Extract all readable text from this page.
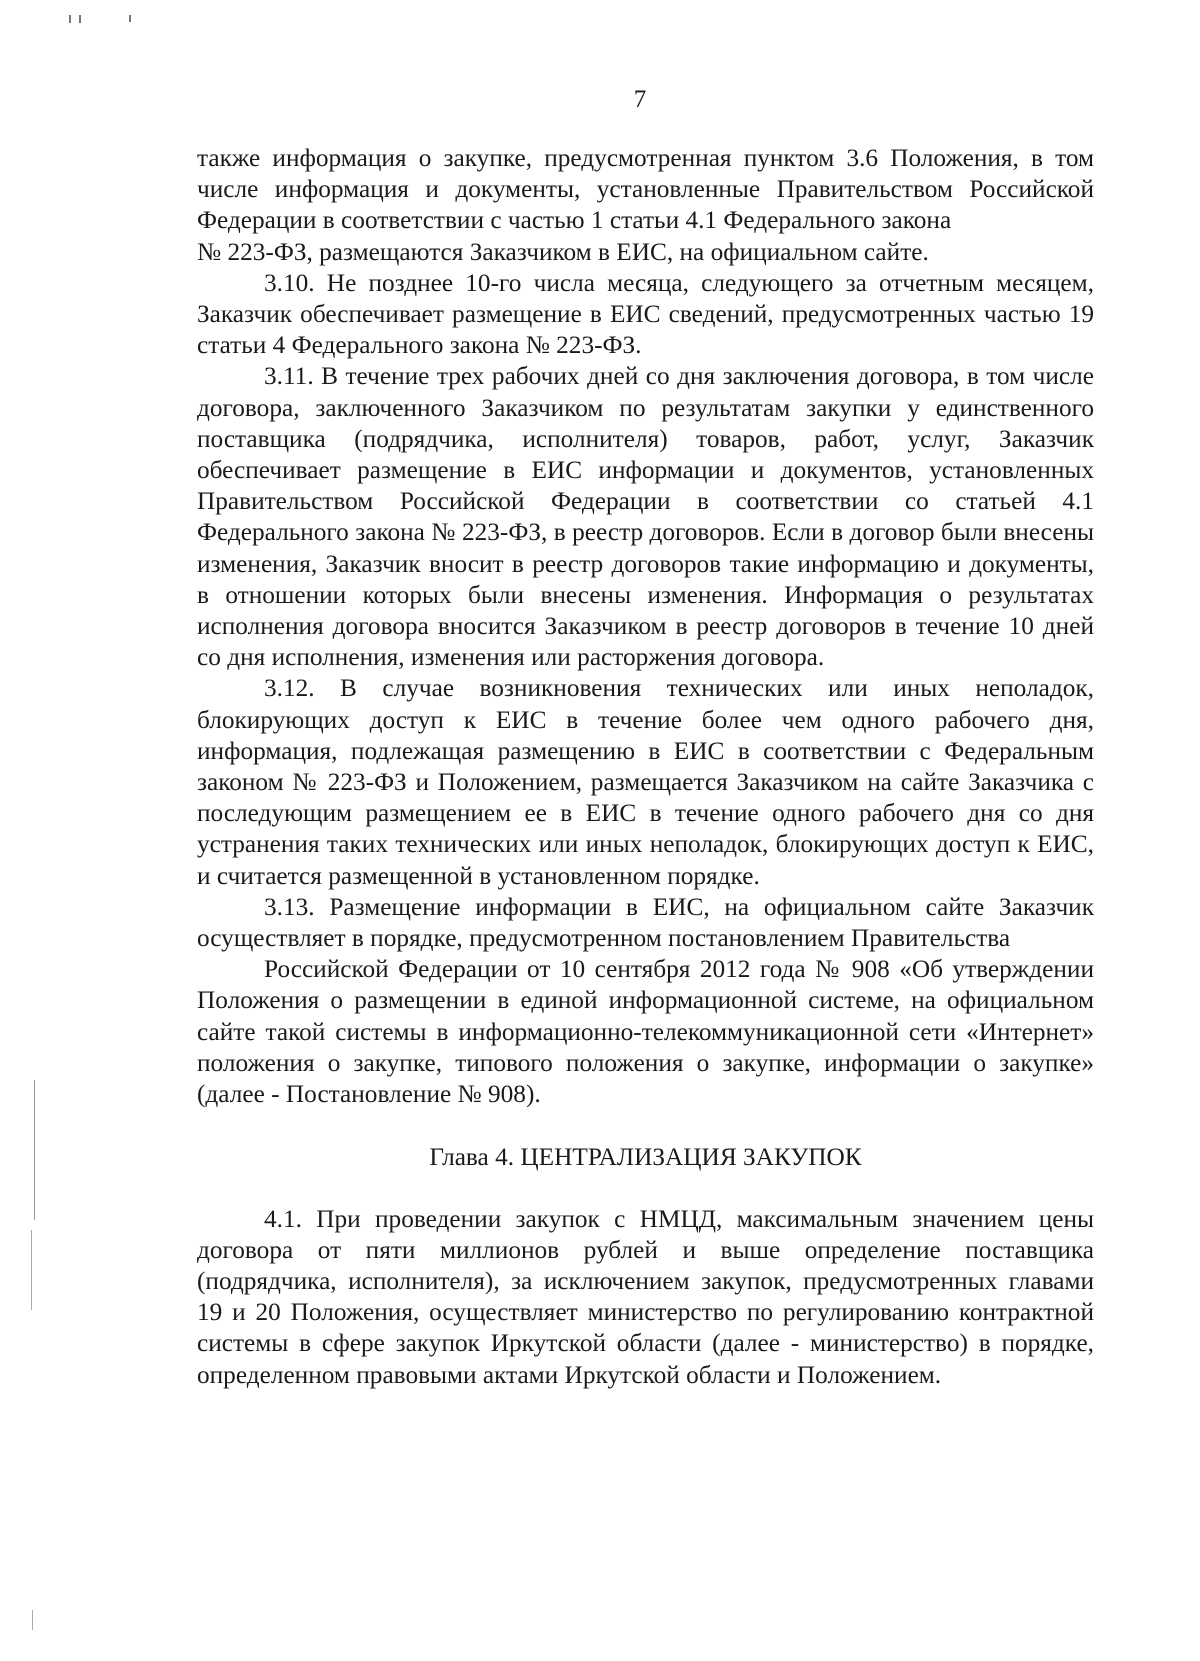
7

также информация о закупке, предусмотренная пунктом 3.6 Положения, в том числе информация и документы, установленные Правительством Российской Федерации в соответствии с частью 1 статьи 4.1 Федерального закона

№ 223-ФЗ, размещаются Заказчиком в ЕИС, на официальном сайте.

3.10. Не позднее 10-го числа месяца, следующего за отчетным месяцем, Заказчик обеспечивает размещение в ЕИС сведений, предусмотренных частью 19 статьи 4 Федерального закона № 223-ФЗ.

3.11. В течение трех рабочих дней со дня заключения договора, в том числе договора, заключенного Заказчиком по результатам закупки у единственного поставщика (подрядчика, исполнителя) товаров, работ, услуг, Заказчик обеспечивает размещение в ЕИС информации и документов, установленных Правительством Российской Федерации в соответствии со статьей 4.1 Федерального закона № 223-ФЗ, в реестр договоров. Если в договор были внесены изменения, Заказчик вносит в реестр договоров такие информацию и документы, в отношении которых были внесены изменения. Информация о результатах исполнения договора вносится Заказчиком в реестр договоров в течение 10 дней со дня исполнения, изменения или расторжения договора.

3.12. В случае возникновения технических или иных неполадок, блокирующих доступ к ЕИС в течение более чем одного рабочего дня, информация, подлежащая размещению в ЕИС в соответствии с Федеральным законом № 223-ФЗ и Положением, размещается Заказчиком на сайте Заказчика с последующим размещением ее в ЕИС в течение одного рабочего дня со дня устранения таких технических или иных неполадок, блокирующих доступ к ЕИС, и считается размещенной в установленном порядке.

3.13. Размещение информации в ЕИС, на официальном сайте Заказчик осуществляет в порядке, предусмотренном постановлением Правительства

Российской Федерации от 10 сентября 2012 года № 908 «Об утверждении Положения о размещении в единой информационной системе, на официальном сайте такой системы в информационно-телекоммуникационной сети «Интернет» положения о закупке, типового положения о закупке, информации о закупке» (далее - Постановление № 908).

Глава 4. ЦЕНТРАЛИЗАЦИЯ ЗАКУПОК

4.1. При проведении закупок с НМЦД, максимальным значением цены договора от пяти миллионов рублей и выше определение поставщика (подрядчика, исполнителя), за исключением закупок, предусмотренных главами 19 и 20 Положения, осуществляет министерство по регулированию контрактной системы в сфере закупок Иркутской области (далее - министерство) в порядке, определенном правовыми актами Иркутской области и Положением.
